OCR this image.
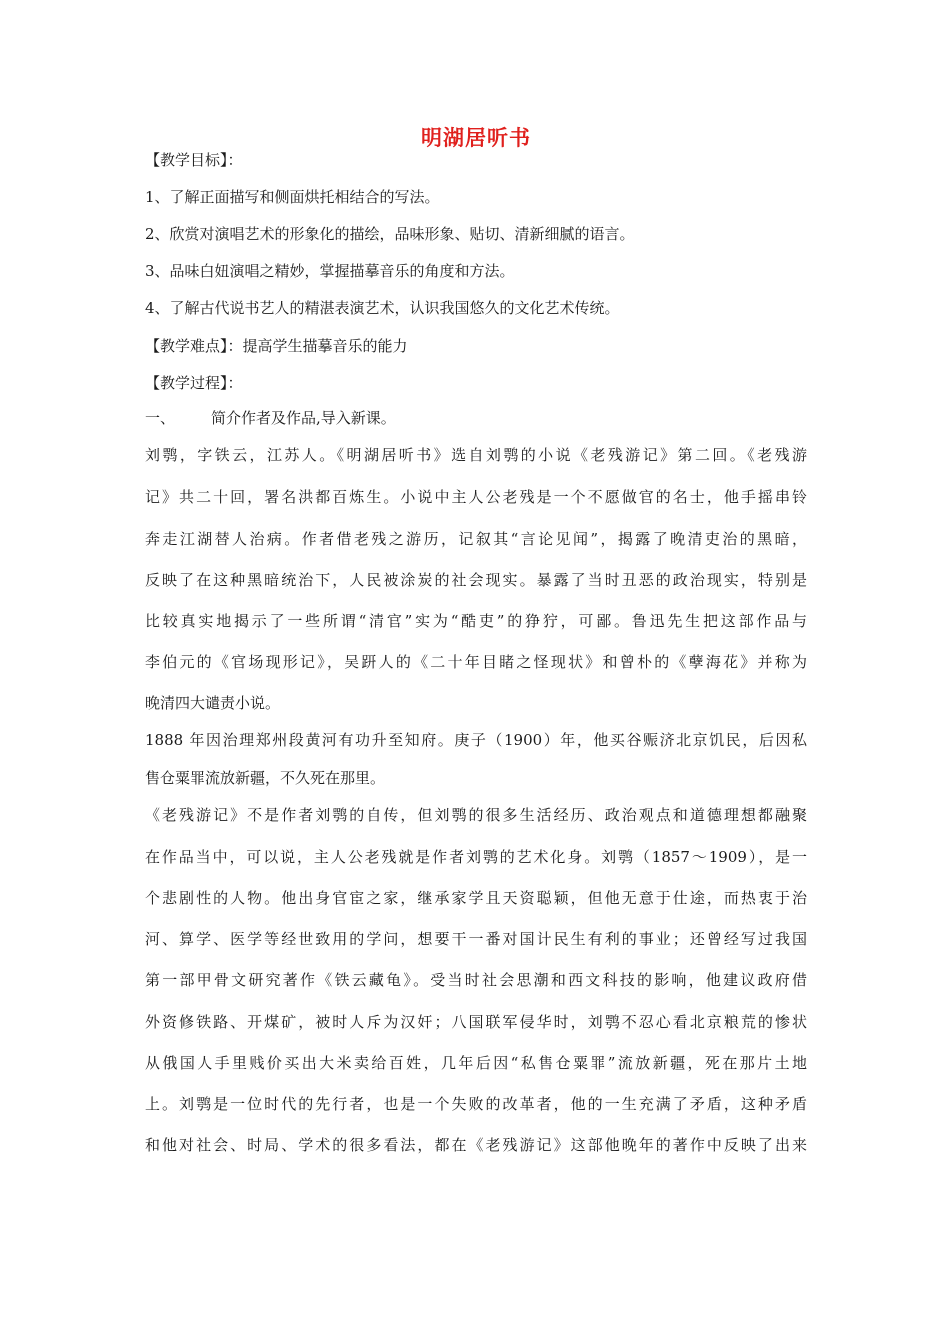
明湖居听书
【教学目标】：
1、了解正面描写和侧面烘托相结合的写法。
2、欣赏对演唱艺术的形象化的描绘，品味形象、贴切、清新细腻的语言。
3、品味白妞演唱之精妙，掌握描摹音乐的角度和方法。
4、了解古代说书艺人的精湛表演艺术，认识我国悠久的文化艺术传统。
【教学难点】：提高学生描摹音乐的能力
【教学过程】：
一、 简介作者及作品,导入新课。
刘鹗，字铁云，江苏人。《明湖居听书》选自刘鹗的小说《老残游记》第二回。《老残游
记》共二十回，署名洪都百炼生。小说中主人公老残是一个不愿做官的名士，他手摇串铃
奔走江湖替人治病。作者借老残之游历，记叙其“言论见闻”，揭露了晚清吏治的黑暗，
反映了在这种黑暗统治下，人民被涂炭的社会现实。暴露了当时丑恶的政治现实，特别是
比较真实地揭示了一些所谓“清官”实为“酷吏”的狰狞，可鄙。鲁迅先生把这部作品与
李伯元的《官场现形记》，吴趼人的《二十年目睹之怪现状》和曾朴的《孽海花》并称为
晚清四大谴责小说。
1888 年因治理郑州段黄河有功升至知府。庚子（1900）年，他买谷赈济北京饥民，后因私
售仓粟罪流放新疆，不久死在那里。
《老残游记》不是作者刘鹗的自传，但刘鹗的很多生活经历、政治观点和道德理想都融聚
在作品当中，可以说，主人公老残就是作者刘鹗的艺术化身。刘鹗（1857～1909），是一
个悲剧性的人物。他出身官宦之家，继承家学且天资聪颖，但他无意于仕途，而热衷于治
河、算学、医学等经世致用的学问，想要干一番对国计民生有利的事业；还曾经写过我国
第一部甲骨文研究著作《铁云藏龟》。受当时社会思潮和西文科技的影响，他建议政府借
外资修铁路、开煤矿，被时人斥为汉奸；八国联军侵华时，刘鹗不忍心看北京粮荒的惨状
从俄国人手里贱价买出大米卖给百姓，几年后因“私售仓粟罪”流放新疆，死在那片土地
上。刘鹗是一位时代的先行者，也是一个失败的改革者，他的一生充满了矛盾，这种矛盾
和他对社会、时局、学术的很多看法，都在《老残游记》这部他晚年的著作中反映了出来
